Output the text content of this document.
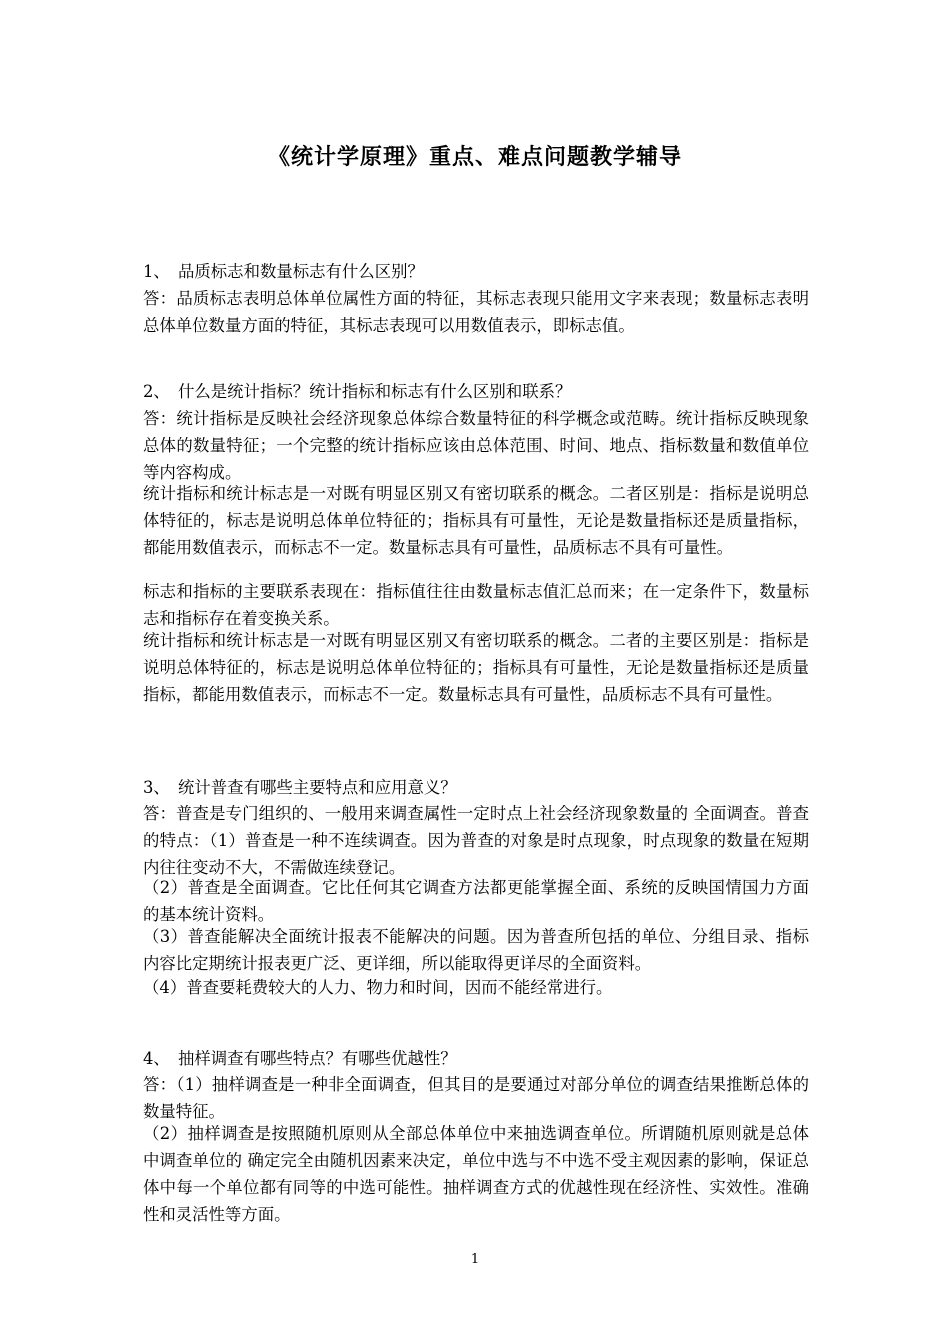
《统计学原理》重点、难点问题教学辅导

1、　品质标志和数量标志有什么区别？

答：品质标志表明总体单位属性方面的特征，其标志表现只能用文字来表现；数量标志表明总体单位数量方面的特征，其标志表现可以用数值表示，即标志值。

2、　什么是统计指标？统计指标和标志有什么区别和联系？

答：统计指标是反映社会经济现象总体综合数量特征的科学概念或范畴。统计指标反映现象总体的数量特征；一个完整的统计指标应该由总体范围、时间、地点、指标数量和数值单位等内容构成。

统计指标和统计标志是一对既有明显区别又有密切联系的概念。二者区别是：指标是说明总体特征的，标志是说明总体单位特征的；指标具有可量性，无论是数量指标还是质量指标，都能用数值表示，而标志不一定。数量标志具有可量性，品质标志不具有可量性。

标志和指标的主要联系表现在：指标值往往由数量标志值汇总而来；在一定条件下，数量标志和指标存在着变换关系。

统计指标和统计标志是一对既有明显区别又有密切联系的概念。二者的主要区别是：指标是说明总体特征的，标志是说明总体单位特征的；指标具有可量性，无论是数量指标还是质量指标，都能用数值表示，而标志不一定。数量标志具有可量性，品质标志不具有可量性。

3、　统计普查有哪些主要特点和应用意义？

答：普查是专门组织的、一般用来调查属性一定时点上社会经济现象数量的 全面调查。普查的特点：（1）普查是一种不连续调查。因为普查的对象是时点现象，时点现象的数量在短期内往往变动不大，不需做连续登记。

（2）普查是全面调查。它比任何其它调查方法都更能掌握全面、系统的反映国情国力方面的基本统计资料。

（3）普查能解决全面统计报表不能解决的问题。因为普查所包括的单位、分组目录、指标内容比定期统计报表更广泛、更详细，所以能取得更详尽的全面资料。

（4）普查要耗费较大的人力、物力和时间，因而不能经常进行。

4、　抽样调查有哪些特点？有哪些优越性？

答：（1）抽样调查是一种非全面调查，但其目的是要通过对部分单位的调查结果推断总体的数量特征。

（2）抽样调查是按照随机原则从全部总体单位中来抽选调查单位。所谓随机原则就是总体中调查单位的 确定完全由随机因素来决定，单位中选与不中选不受主观因素的影响，保证总体中每一个单位都有同等的中选可能性。抽样调查方式的优越性现在经济性、实效性。准确性和灵活性等方面。

1
